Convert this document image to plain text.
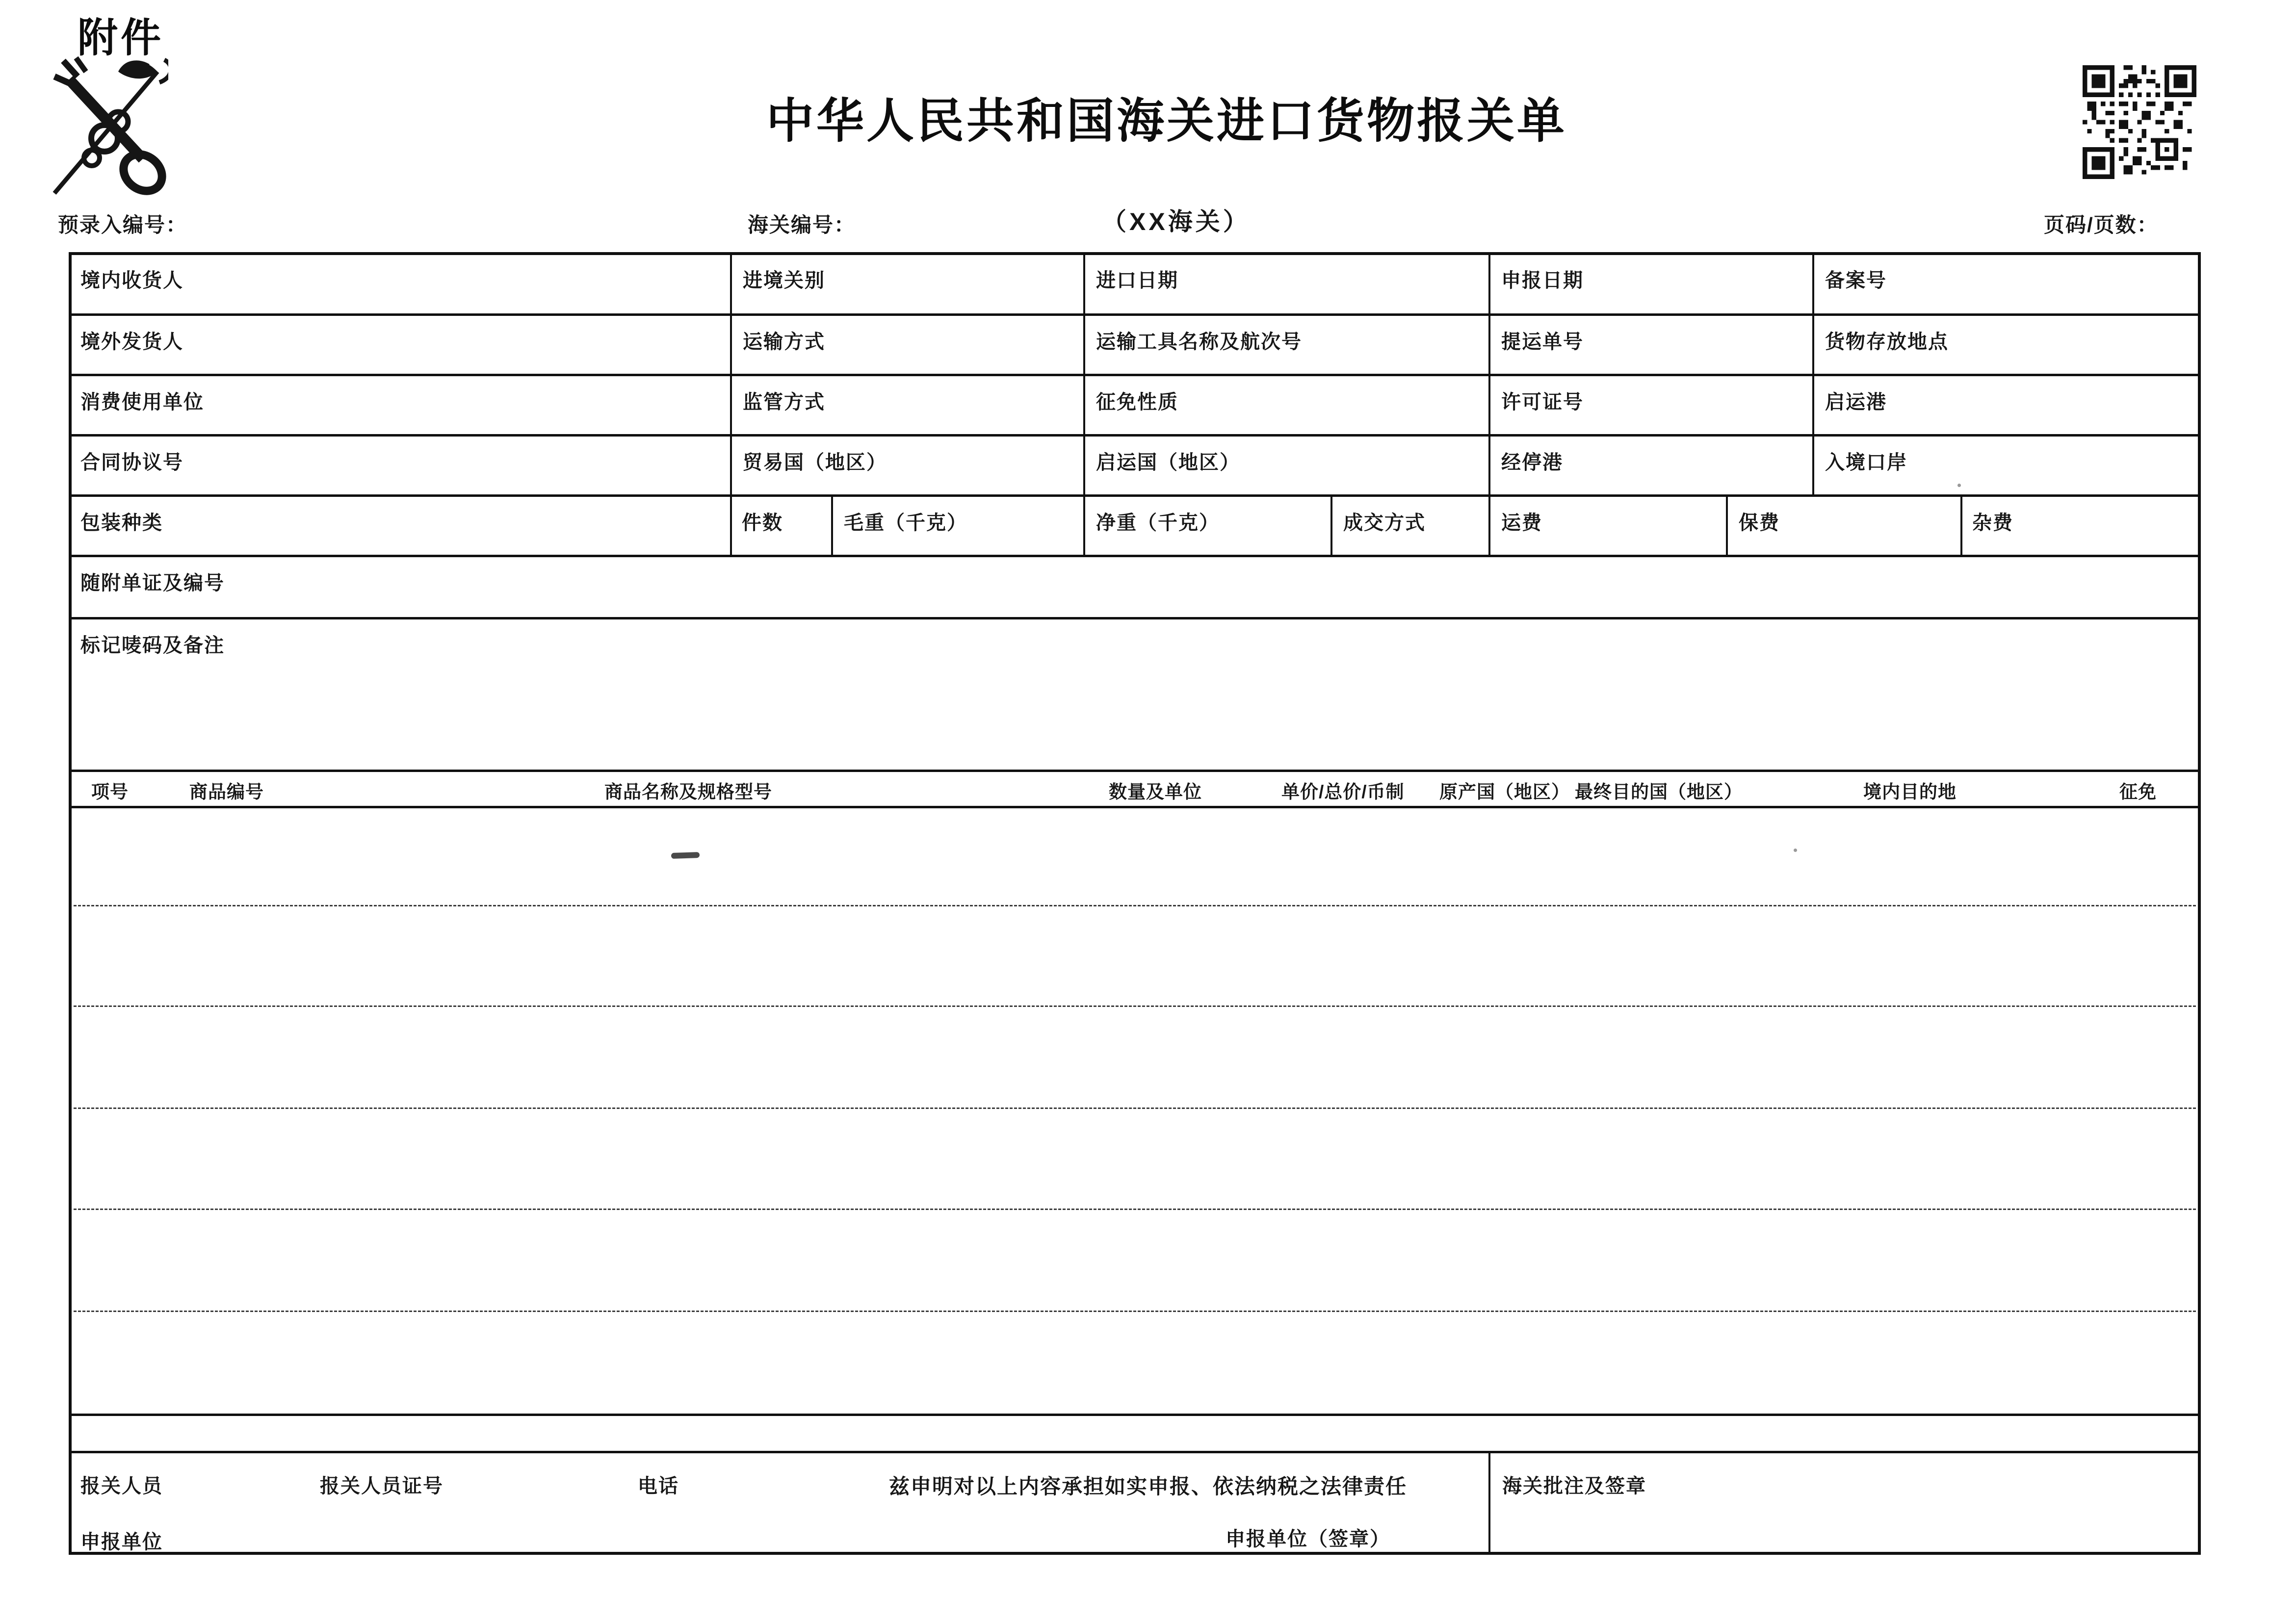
附件
中华人民共和国海关进口货物报关单
预录入编号：	海关编号：	（XX海关）	页码/页数：
境内收货人	进境关别	进口日期	申报日期	备案号
境外发货人	运输方式	运输工具名称及航次号	提运单号	货物存放地点
消费使用单位	监管方式	征免性质	许可证号	启运港
合同协议号	贸易国（地区）	启运国（地区）	经停港	入境口岸
包装种类	件数	毛重（千克）	净重（千克）	成交方式	运费	保费	杂费
随附单证及编号
标记唛码及备注
项号	商品编号	商品名称及规格型号	数量及单位	单价/总价/币制 原产国（地区） 最终目的国（地区）	境内目的地	征免
报关人员	报关人员证号	电话	兹申明对以上内容承担如实申报、依法纳税之法律责任
申报单位	申报单位（签章）
海关批注及签章
